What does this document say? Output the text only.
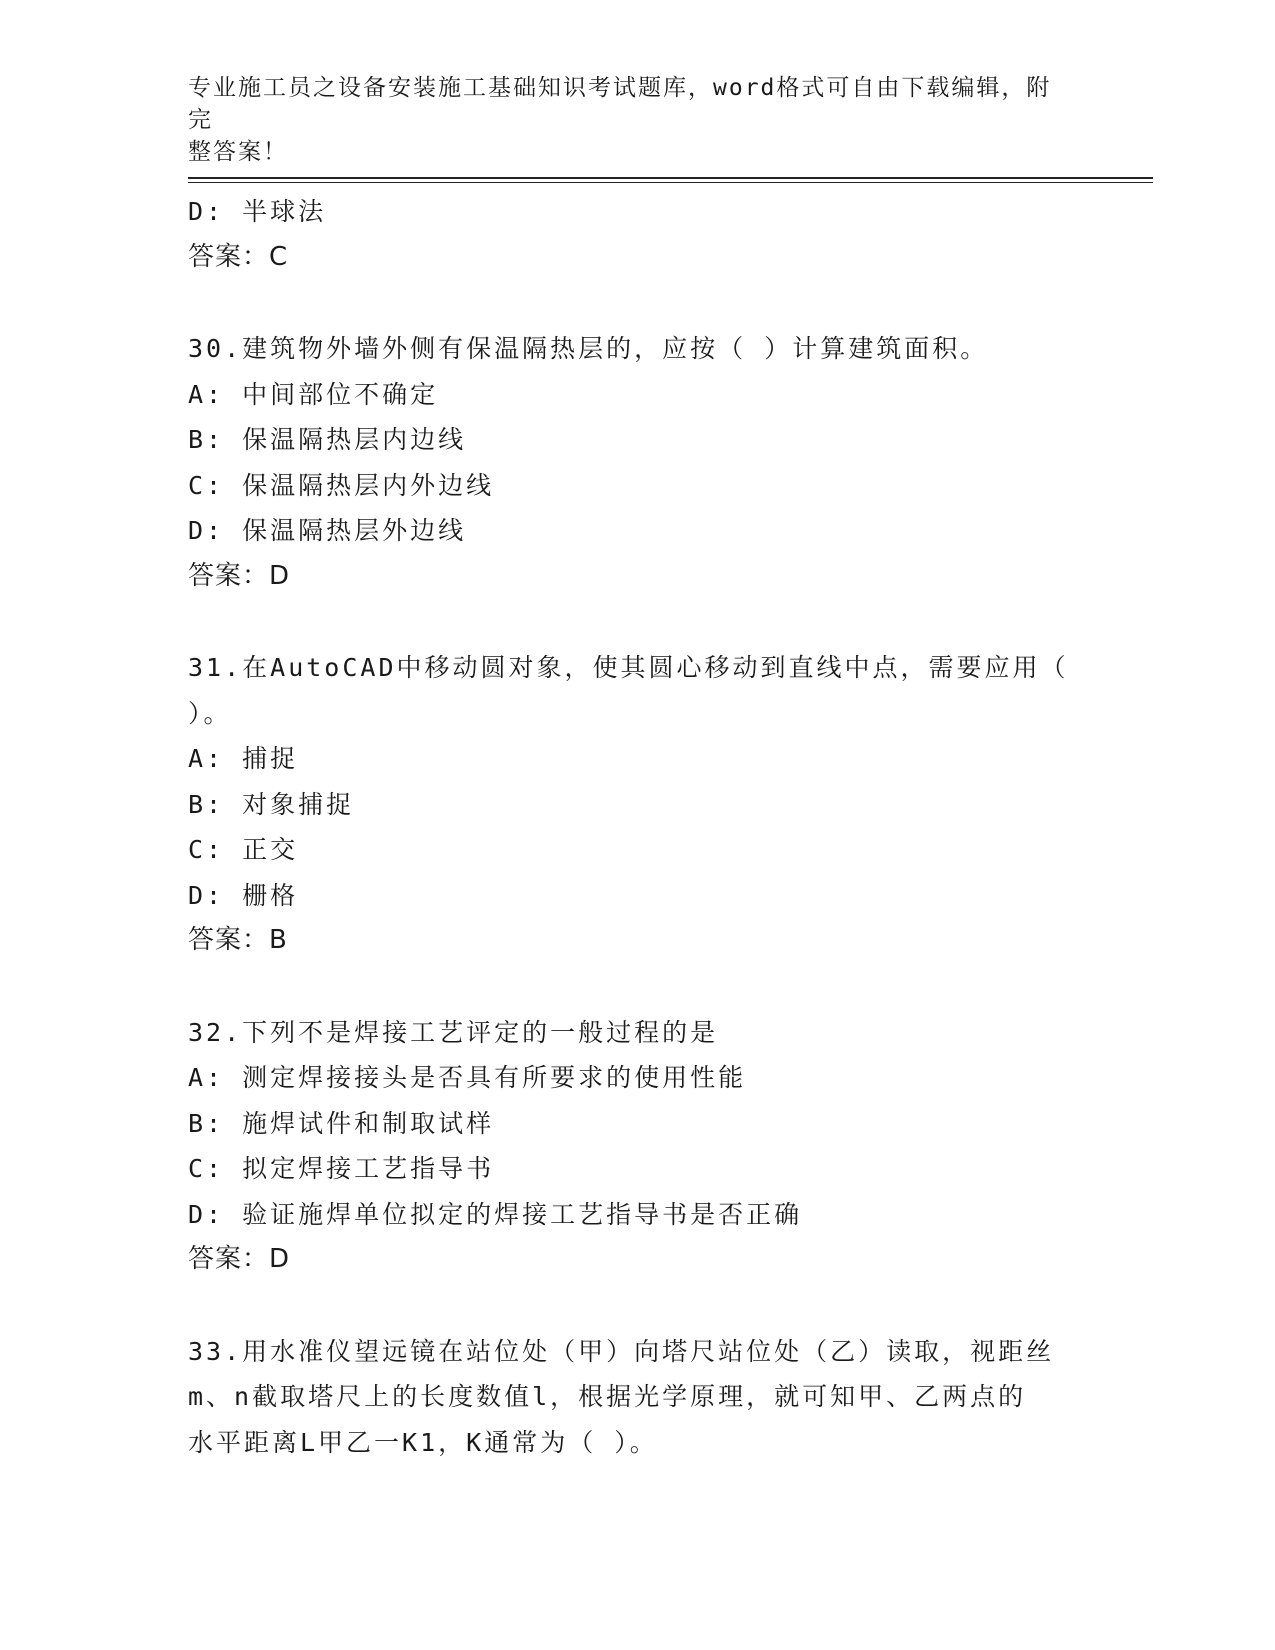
专业施工员之设备安装施工基础知识考试题库，word格式可自由下载编辑，附完
整答案！
D: 半球法
答案：C
30.建筑物外墙外侧有保温隔热层的，应按（ ）计算建筑面积。
A: 中间部位不确定
B: 保温隔热层内边线
C: 保温隔热层内外边线
D: 保温隔热层外边线
答案：D
31.在AutoCAD中移动圆对象，使其圆心移动到直线中点，需要应用（
）。
A: 捕捉
B: 对象捕捉
C: 正交
D: 栅格
答案：B
32.下列不是焊接工艺评定的一般过程的是
A: 测定焊接接头是否具有所要求的使用性能
B: 施焊试件和制取试样
C: 拟定焊接工艺指导书
D: 验证施焊单位拟定的焊接工艺指导书是否正确
答案：D
33.用水准仪望远镜在站位处（甲）向塔尺站位处（乙）读取，视距丝
m、n截取塔尺上的长度数值l，根据光学原理，就可知甲、乙两点的
水平距离L甲乙一K1，K通常为（ ）。
